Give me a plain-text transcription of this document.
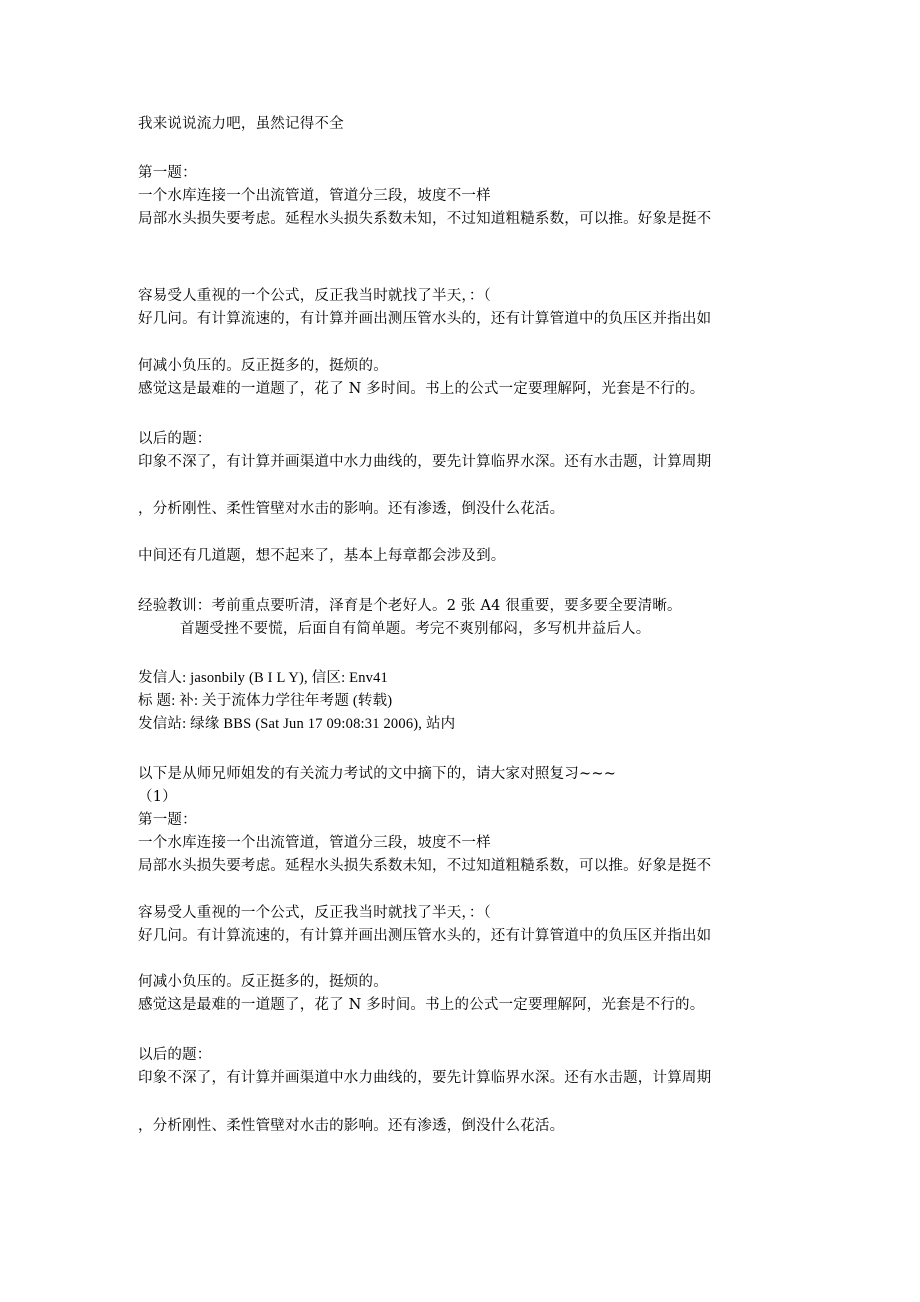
我来说说流力吧，虽然记得不全
第一题：
一个水库连接一个出流管道，管道分三段，坡度不一样
局部水头损失要考虑。延程水头损失系数未知，不过知道粗糙系数，可以推。好象是挺不
容易受人重视的一个公式，反正我当时就找了半天，：（
好几问。有计算流速的，有计算并画出测压管水头的，还有计算管道中的负压区并指出如
何减小负压的。反正挺多的，挺烦的。
感觉这是最难的一道题了，花了 N 多时间。书上的公式一定要理解阿，光套是不行的。
以后的题：
印象不深了，有计算并画渠道中水力曲线的，要先计算临界水深。还有水击题，计算周期
，分析刚性、柔性管壁对水击的影响。还有渗透，倒没什么花活。
中间还有几道题，想不起来了，基本上每章都会涉及到。
经验教训：考前重点要听清，泽育是个老好人。2 张 A4 很重要，要多要全要清晰。
首题受挫不要慌，后面自有简单题。考完不爽别郁闷，多写机井益后人。
发信人: jasonbily (B I L Y), 信区: Env41
标 题: 补: 关于流体力学往年考题 (转载)
发信站: 绿缘 BBS (Sat Jun 17 09:08:31 2006), 站内
以下是从师兄师姐发的有关流力考试的文中摘下的，请大家对照复习~~~
（1）
第一题：
一个水库连接一个出流管道，管道分三段，坡度不一样
局部水头损失要考虑。延程水头损失系数未知，不过知道粗糙系数，可以推。好象是挺不
容易受人重视的一个公式，反正我当时就找了半天，：（
好几问。有计算流速的，有计算并画出测压管水头的，还有计算管道中的负压区并指出如
何减小负压的。反正挺多的，挺烦的。
感觉这是最难的一道题了，花了 N 多时间。书上的公式一定要理解阿，光套是不行的。
以后的题：
印象不深了，有计算并画渠道中水力曲线的，要先计算临界水深。还有水击题，计算周期
，分析刚性、柔性管壁对水击的影响。还有渗透，倒没什么花活。
